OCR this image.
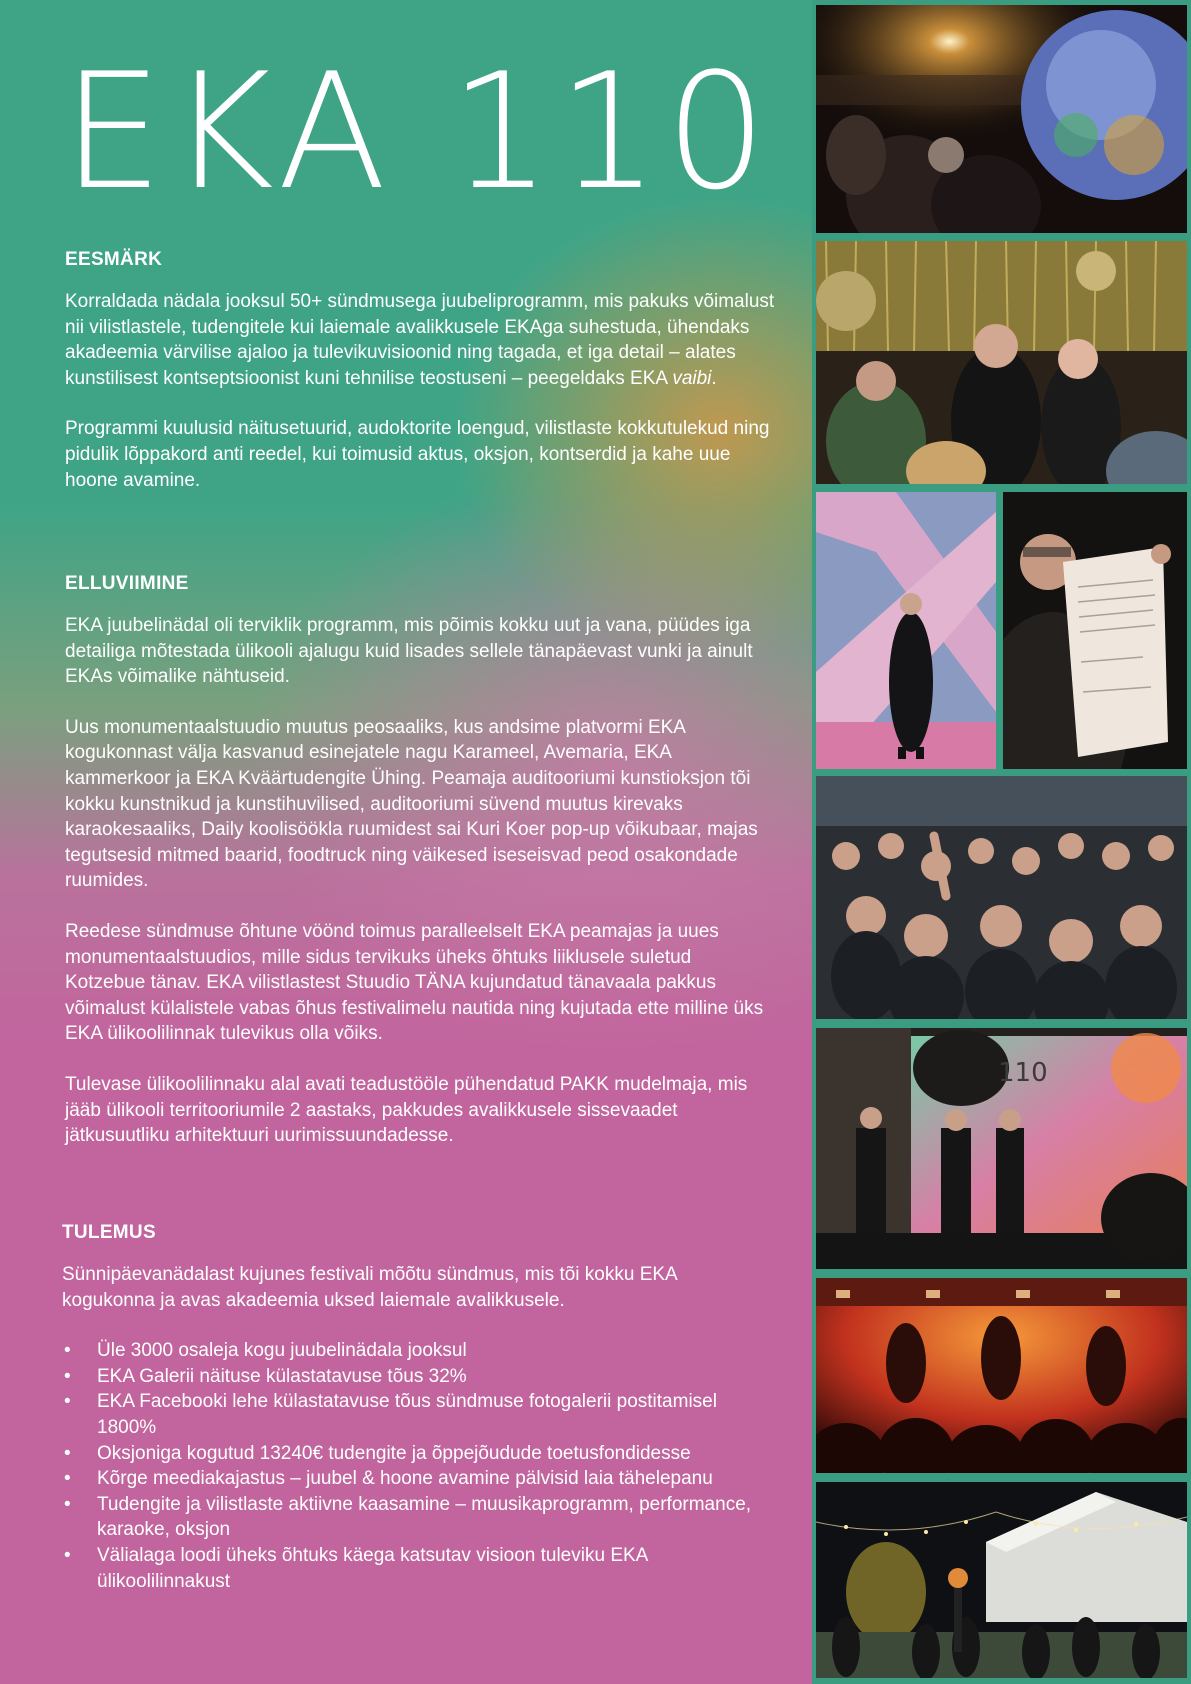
EKA 110
EESMÄRK

Korraldada nädala jooksul 50+ sündmusega juubeliprogramm, mis pakuks võimalust nii vilistlastele, tudengitele kui laiemale avalikkusele EKAga suhestuda, ühendaks akadeemia värvilise ajaloo ja tulevikuvisioonid ning tagada, et iga detail – alates kunstilisest kontseptsioonist kuni tehnilise teostuseni – peegeldaks EKA vaibi.

Programmi kuulusid näitusetuurid, audoktorite loengud, vilistlaste kokkutulekud ning pidulik lõppakord anti reedel, kui toimusid aktus, oksjon, kontserdid ja kahe uue hoone avamine.

ELLUVIIMINE

EKA juubelinädal oli terviklik programm, mis põimis kokku uut ja vana, püüdes iga detailiga mõtestada ülikooli ajalugu kuid lisades sellele tänapäevast vunki ja ainult EKAs võimalike nähtuseid.

Uus monumentaalstuudio muutus peosaaliks, kus andsime platvormi EKA kogukonnast välja kasvanud esinejatele nagu Karameel, Avemaria, EKA kammerkoor ja EKA Kväärtudengite Ühing. Peamaja auditooriumi kunstioksjon tõi kokku kunstnikud ja kunstihuvilised, auditooriumi süvend muutus kirevaks karaokesaaliks, Daily koolisöökla ruumidest sai Kuri Koer pop-up võikubaar, majas tegutsesid mitmed baarid, foodtruck ning väikesed iseseisvad peod osakondade ruumides.

Reedese sündmuse õhtune vöönd toimus paralleelselt EKA peamajas ja uues monumentaalstuudios, mille sidus tervikuks üheks õhtuks liiklusele suletud Kotzebue tänav. EKA vilistlastest Stuudio TÄNA kujundatud tänavaala pakkus võimalust külalistele vabas õhus festivalimelu nautida ning kujutada ette milline üks EKA ülikoolilinnak tulevikus olla võiks.

Tulevase ülikoolilinnaku alal avati teadustööle pühendatud PAKK mudelmaja, mis jääb ülikooli territooriumile 2 aastaks, pakkudes avalikkusele sissevaadet jätkusuutliku arhitektuuri uurimissuundadesse.

TULEMUS

Sünnipäevanädalast kujunes festivali mõõtu sündmus, mis tõi kokku EKA kogukonna ja avas akadeemia uksed laiemale avalikkusele.

• Üle 3000 osaleja kogu juubelinädala jooksul
• EKA Galerii näituse külastatavuse tõus 32%
• EKA Facebooki lehe külastatavuse tõus sündmuse fotogalerii postitamisel 1800%
• Oksjoniga kogutud 13240€ tudengite ja õppejõudude toetusfondidesse
• Kõrge meediakajastus – juubel & hoone avamine pälvisid laia tähelepanu
• Tudengite ja vilistlaste aktiivne kaasamine – muusikaprogramm, performance, karaoke, oksjon
• Välialaga loodi üheks õhtuks käega katsutav visioon tuleviku EKA ülikoolilinnakust
110
